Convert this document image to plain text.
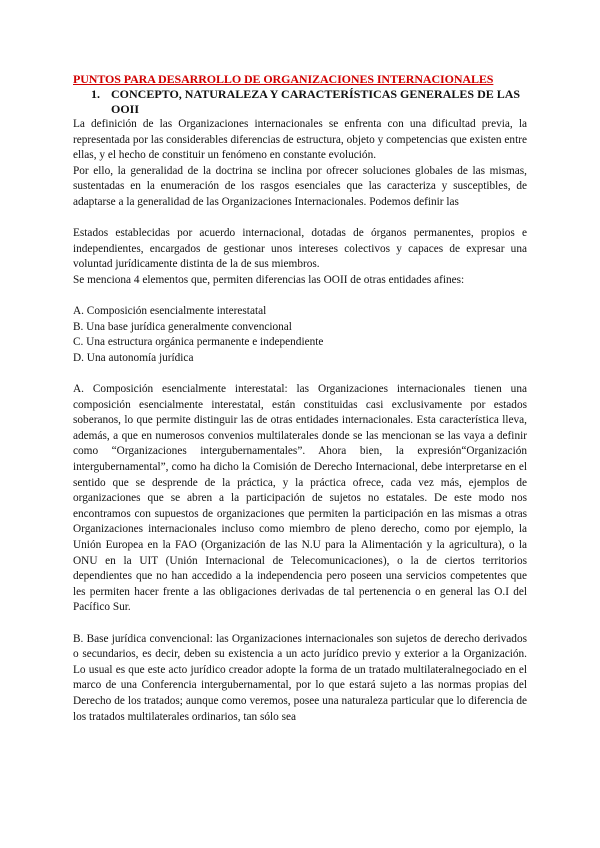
PUNTOS PARA DESARROLLO DE ORGANIZACIONES INTERNACIONALES
1. CONCEPTO, NATURALEZA Y CARACTERÍSTICAS GENERALES DE LAS OOII

La definición de las Organizaciones internacionales se enfrenta con una dificultad previa, la representada por las considerables diferencias de estructura, objeto y competencias que existen entre ellas, y el hecho de constituir un fenómeno en constante evolución.

Por ello, la generalidad de la doctrina se inclina por ofrecer soluciones globales de las mismas, sustentadas en la enumeración de los rasgos esenciales que las caracteriza y susceptibles, de adaptarse a la generalidad de las Organizaciones Internacionales. Podemos definir las

Estados establecidas por acuerdo internacional, dotadas de órganos permanentes, propios e independientes, encargados de gestionar unos intereses colectivos y capaces de expresar una voluntad jurídicamente distinta de la de sus miembros.

Se menciona 4 elementos que, permiten diferencias las OOII de otras entidades afines:

A. Composición esencialmente interestatal
B. Una base jurídica generalmente convencional
C. Una estructura orgánica permanente e independiente
D. Una autonomía jurídica

A. Composición esencialmente interestatal: las Organizaciones internacionales tienen una composición esencialmente interestatal, están constituidas casi exclusivamente por estados soberanos, lo que permite distinguir las de otras entidades internacionales. Esta característica lleva, además, a que en numerosos convenios multilaterales donde se las mencionan se las vaya a definir como “Organizaciones intergubernamentales”. Ahora bien, la expresión“Organización intergubernamental”, como ha dicho la Comisión de Derecho Internacional, debe interpretarse en el sentido que se desprende de la práctica, y la práctica ofrece, cada vez más, ejemplos de organizaciones que se abren a la participación de sujetos no estatales. De este modo nos encontramos con supuestos de organizaciones que permiten la participación en las mismas a otras Organizaciones internacionales incluso como miembro de pleno derecho, como por ejemplo, la Unión Europea en la FAO (Organización de las N.U para la Alimentación y la agricultura), o la ONU en la UIT (Unión Internacional de Telecomunicaciones), o la de ciertos territorios dependientes que no han accedido a la independencia pero poseen una servicios competentes que les permiten hacer frente a las obligaciones derivadas de tal pertenencia o en general las O.I del Pacífico Sur.

B. Base jurídica convencional: las Organizaciones internacionales son sujetos de derecho derivados o secundarios, es decir, deben su existencia a un acto jurídico previo y exterior a la Organización. Lo usual es que este acto jurídico creador adopte la forma de un tratado multilateralnegociado en el marco de una Conferencia intergubernamental, por lo que estará sujeto a las normas propias del Derecho de los tratados; aunque como veremos, posee una naturaleza particular que lo diferencia de los tratados multilaterales ordinarios, tan sólo sea
